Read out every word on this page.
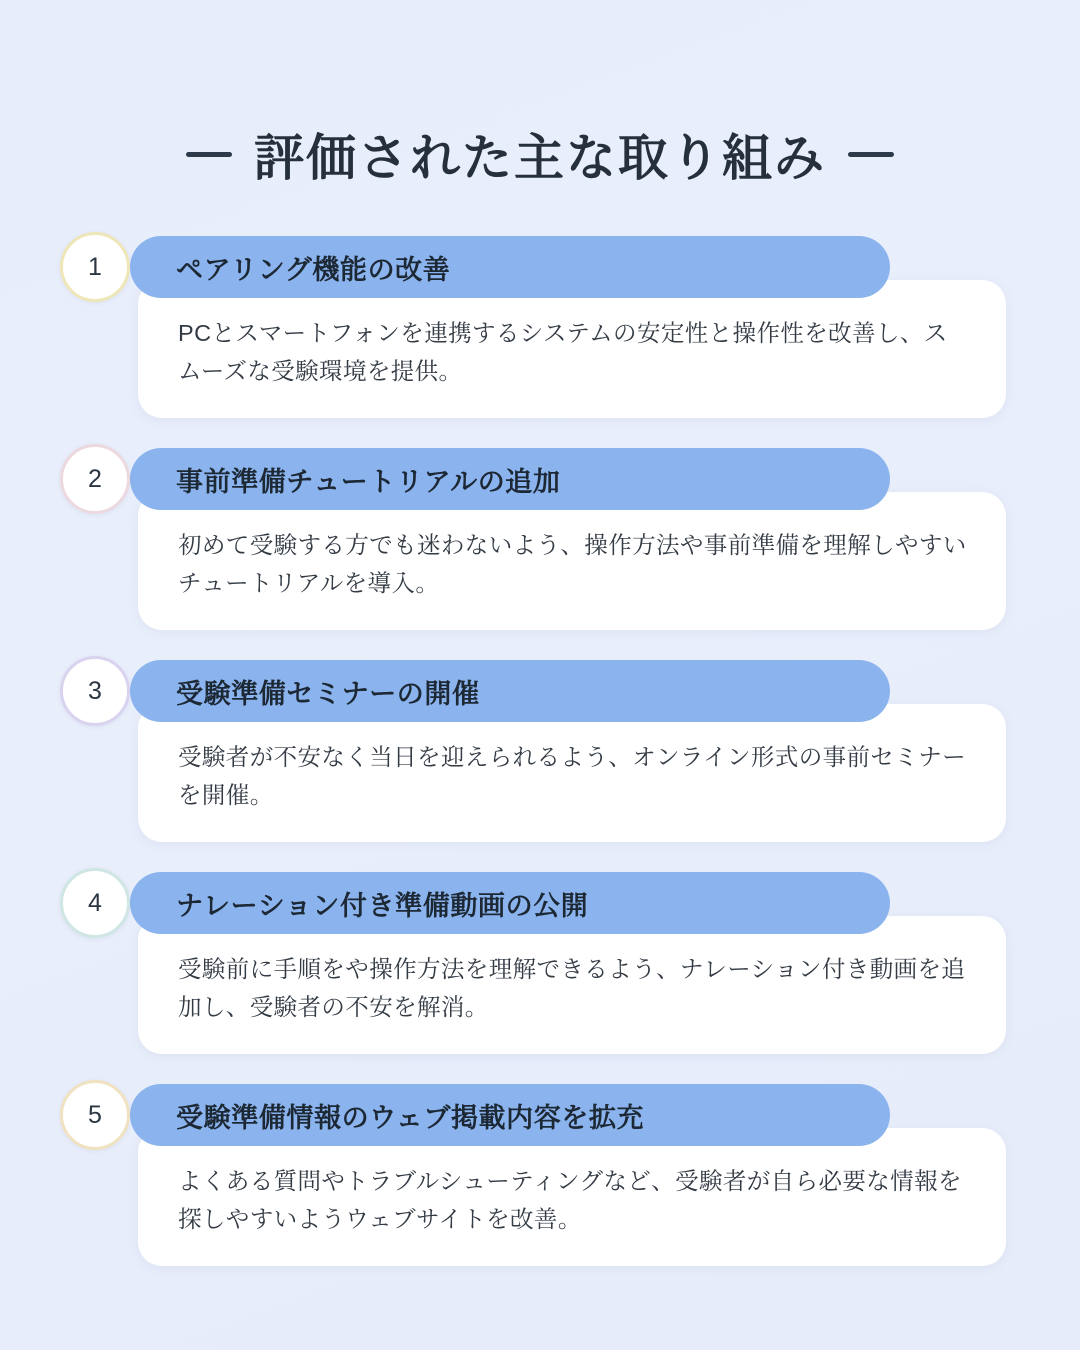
評価された主な取り組み
PCとスマートフォンを連携するシステムの安定性と操作性を改善し、スムーズな受験環境を提供。
ペアリング機能の改善
1
初めて受験する方でも迷わないよう、操作方法や事前準備を理解しやすいチュートリアルを導入。
事前準備チュートリアルの追加
2
受験者が不安なく当日を迎えられるよう、オンライン形式の事前セミナーを開催。
受験準備セミナーの開催
3
受験前に手順をや操作方法を理解できるよう、ナレーション付き動画を追加し、受験者の不安を解消。
ナレーション付き準備動画の公開
4
よくある質問やトラブルシューティングなど、受験者が自ら必要な情報を探しやすいようウェブサイトを改善。
受験準備情報のウェブ掲載内容を拡充
5
